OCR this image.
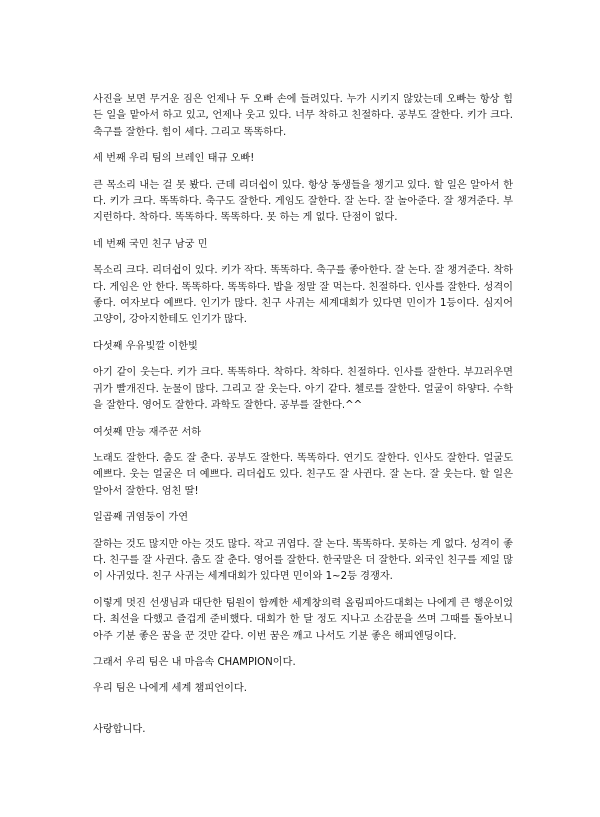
사진을 보면 무거운 짐은 언제나 두 오빠 손에 들려있다. 누가 시키지 않았는데 오빠는 항상 힘든 일을 맡아서 하고 있고, 언제나 웃고 있다. 너무 착하고 친절하다. 공부도 잘한다. 키가 크다. 축구를 잘한다. 힘이 세다. 그리고 똑똑하다.

세 번째 우리 팀의 브레인 태규 오빠!

큰 목소리 내는 걸 못 봤다. 근데 리더쉽이 있다. 항상 동생들을 챙기고 있다. 할 일은 알아서 한다. 키가 크다. 똑똑하다. 축구도 잘한다. 게임도 잘한다. 잘 논다. 잘 놀아준다. 잘 챙겨준다. 부지런하다. 착하다. 똑똑하다. 똑똑하다. 못 하는 게 없다. 단점이 없다.

네 번째 국민 친구 남궁 민

목소리 크다. 리더쉽이 있다. 키가 작다. 똑똑하다. 축구를 좋아한다. 잘 논다. 잘 챙겨준다. 착하다. 게임은 안 한다. 똑똑하다. 똑똑하다. 밥을 정말 잘 먹는다. 친절하다. 인사를 잘한다. 성격이 좋다. 여자보다 예쁘다. 인기가 많다. 친구 사귀는 세계대회가 있다면 민이가 1등이다. 심지어 고양이, 강아지한테도 인기가 많다.

다섯째 우유빛깔 이한빛

아기 같이 웃는다. 키가 크다. 똑똑하다. 착하다. 착하다. 친절하다. 인사를 잘한다. 부끄러우면 귀가 빨개진다. 눈물이 많다. 그리고 잘 웃는다. 아기 같다. 첼로를 잘한다. 얼굴이 하얗다. 수학을 잘한다. 영어도 잘한다. 과학도 잘한다. 공부를 잘한다.^^

여섯째 만능 재주꾼 서하

노래도 잘한다. 춤도 잘 춘다. 공부도 잘한다. 똑똑하다. 연기도 잘한다. 인사도 잘한다. 얼굴도 예쁘다. 웃는 얼굴은 더 예쁘다. 리더쉽도 있다. 친구도 잘 사귄다. 잘 논다. 잘 웃는다. 할 일은 알아서 잘한다. 엄친 딸!

일곱째 귀염둥이 가연

잘하는 것도 많지만 아는 것도 많다. 작고 귀엽다. 잘 논다. 똑똑하다. 못하는 게 없다. 성격이 좋다. 친구를 잘 사귄다. 춤도 잘 춘다. 영어를 잘한다. 한국말은 더 잘한다. 외국인 친구를 제일 많이 사귀었다. 친구 사귀는 세계대회가 있다면 민이와 1~2등 경쟁자.

이렇게 멋진 선생님과 대단한 팀원이 함께한 세계창의력 올림피아드대회는 나에게 큰 행운이었다. 최선을 다했고 즐겁게 준비했다. 대회가 한 달 정도 지나고 소감문을 쓰며 그때를 돌아보니 아주 기분 좋은 꿈을 꾼 것만 같다. 이번 꿈은 깨고 나서도 기분 좋은 해피엔딩이다.

그래서 우리 팀은 내 마음속 CHAMPION이다.

우리 팀은 나에게 세계 챔피언이다.

사랑합니다.
